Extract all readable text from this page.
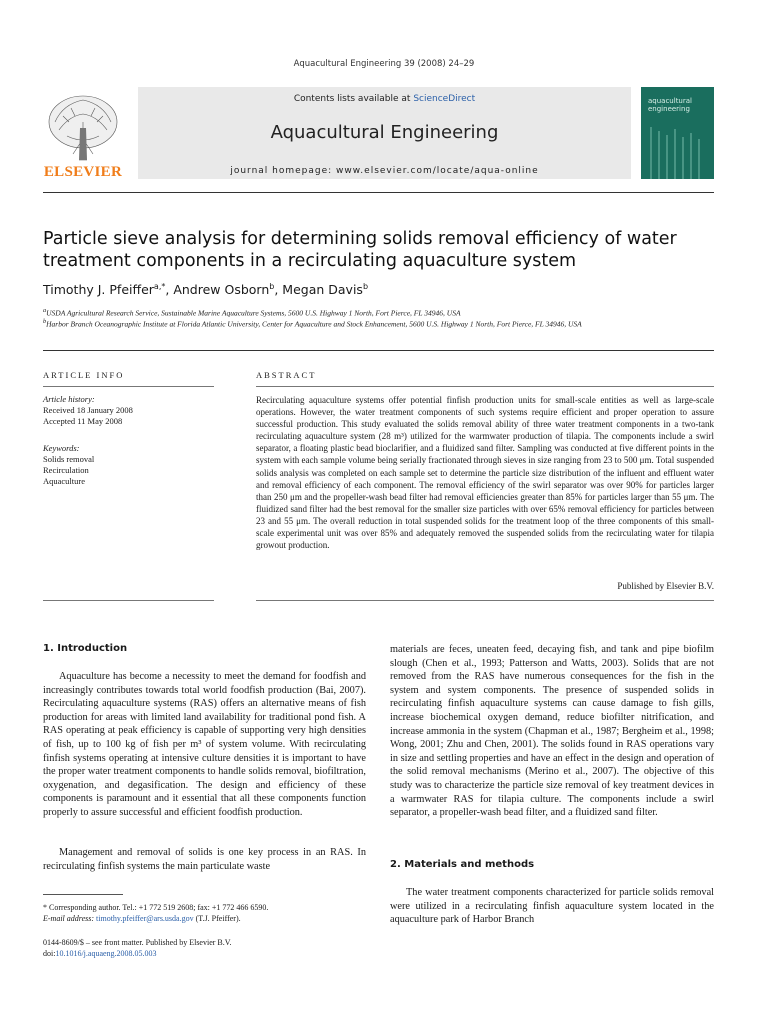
Aquacultural Engineering 39 (2008) 24–29
ELSEVIER
Contents lists available at ScienceDirect
Aquacultural Engineering
journal homepage: www.elsevier.com/locate/aqua-online
aquacultural engineering
Particle sieve analysis for determining solids removal efficiency of water treatment components in a recirculating aquaculture system
Timothy J. Pfeiffer$^{a,*}$, Andrew Osborn$^b$, Megan Davis$^b$
$^a$USDA Agricultural Research Service, Sustainable Marine Aquaculture Systems, 5600 U.S. Highway 1 North, Fort Pierce, FL 34946, USA
$^b$Harbor Branch Oceanographic Institute at Florida Atlantic University, Center for Aquaculture and Stock Enhancement, 5600 U.S. Highway 1 North, Fort Pierce, FL 34946, USA
ARTICLE INFO
Article history:
Received 18 January 2008
Accepted 11 May 2008
Keywords:
Solids removal
Recirculation
Aquaculture
ABSTRACT
Recirculating aquaculture systems offer potential finfish production units for small-scale entities as well as large-scale operations. However, the water treatment components of such systems require efficient and proper operation to assure successful production. This study evaluated the solids removal ability of three water treatment components in a two-tank recirculating aquaculture system (28 m³) utilized for the warmwater production of tilapia. The components include a swirl separator, a floating plastic bead bioclarifier, and a fluidized sand filter. Sampling was conducted at five different points in the system with each sample volume being serially fractionated through sieves in size ranging from 23 to 500 μm. Total suspended solids analysis was completed on each sample set to determine the particle size distribution of the influent and effluent water and removal efficiency of each component. The removal efficiency of the swirl separator was over 90% for particles larger than 250 μm and the propeller-wash bead filter had removal efficiencies greater than 85% for particles larger than 55 μm. The fluidized sand filter had the best removal for the smaller size particles with over 65% removal efficiency for particles between 23 and 55 μm. The overall reduction in total suspended solids for the treatment loop of the three components of this small-scale experimental unit was over 85% and adequately removed the suspended solids from the recirculating water for tilapia growout production.
Published by Elsevier B.V.
1. Introduction
Aquaculture has become a necessity to meet the demand for foodfish and increasingly contributes towards total world foodfish production (Bai, 2007). Recirculating aquaculture systems (RAS) offers an alternative means of fish production for areas with limited land availability for traditional pond fish. A RAS operating at peak efficiency is capable of supporting very high densities of fish, up to 100 kg of fish per m³ of system volume. With recirculating finfish systems operating at intensive culture densities it is important to have the proper water treatment components to handle solids removal, biofiltration, oxygenation, and degasification. The design and efficiency of these components is paramount and it essential that all these components function properly to assure successful and efficient foodfish production.
Management and removal of solids is one key process in an RAS. In recirculating finfish systems the main particulate waste
materials are feces, uneaten feed, decaying fish, and tank and pipe biofilm slough (Chen et al., 1993; Patterson and Watts, 2003). Solids that are not removed from the RAS have numerous consequences for the fish in the system and system components. The presence of suspended solids in recirculating finfish aquaculture systems can cause damage to fish gills, increase biochemical oxygen demand, reduce biofilter nitrification, and increase ammonia in the system (Chapman et al., 1987; Bergheim et al., 1998; Wong, 2001; Zhu and Chen, 2001). The solids found in RAS operations vary in size and settling properties and have an effect in the design and operation of the solid removal mechanisms (Merino et al., 2007). The objective of this study was to characterize the particle size removal of key treatment devices in a warmwater RAS for tilapia culture. The components include a swirl separator, a propeller-wash bead filter, and a fluidized sand filter.
2. Materials and methods
The water treatment components characterized for particle solids removal were utilized in a recirculating finfish aquaculture system located in the aquaculture park of Harbor Branch
* Corresponding author. Tel.: +1 772 519 2608; fax: +1 772 466 6590.
E-mail address: timothy.pfeiffer@ars.usda.gov (T.J. Pfeiffer).
0144-8609/$ – see front matter. Published by Elsevier B.V.
doi:10.1016/j.aquaeng.2008.05.003
